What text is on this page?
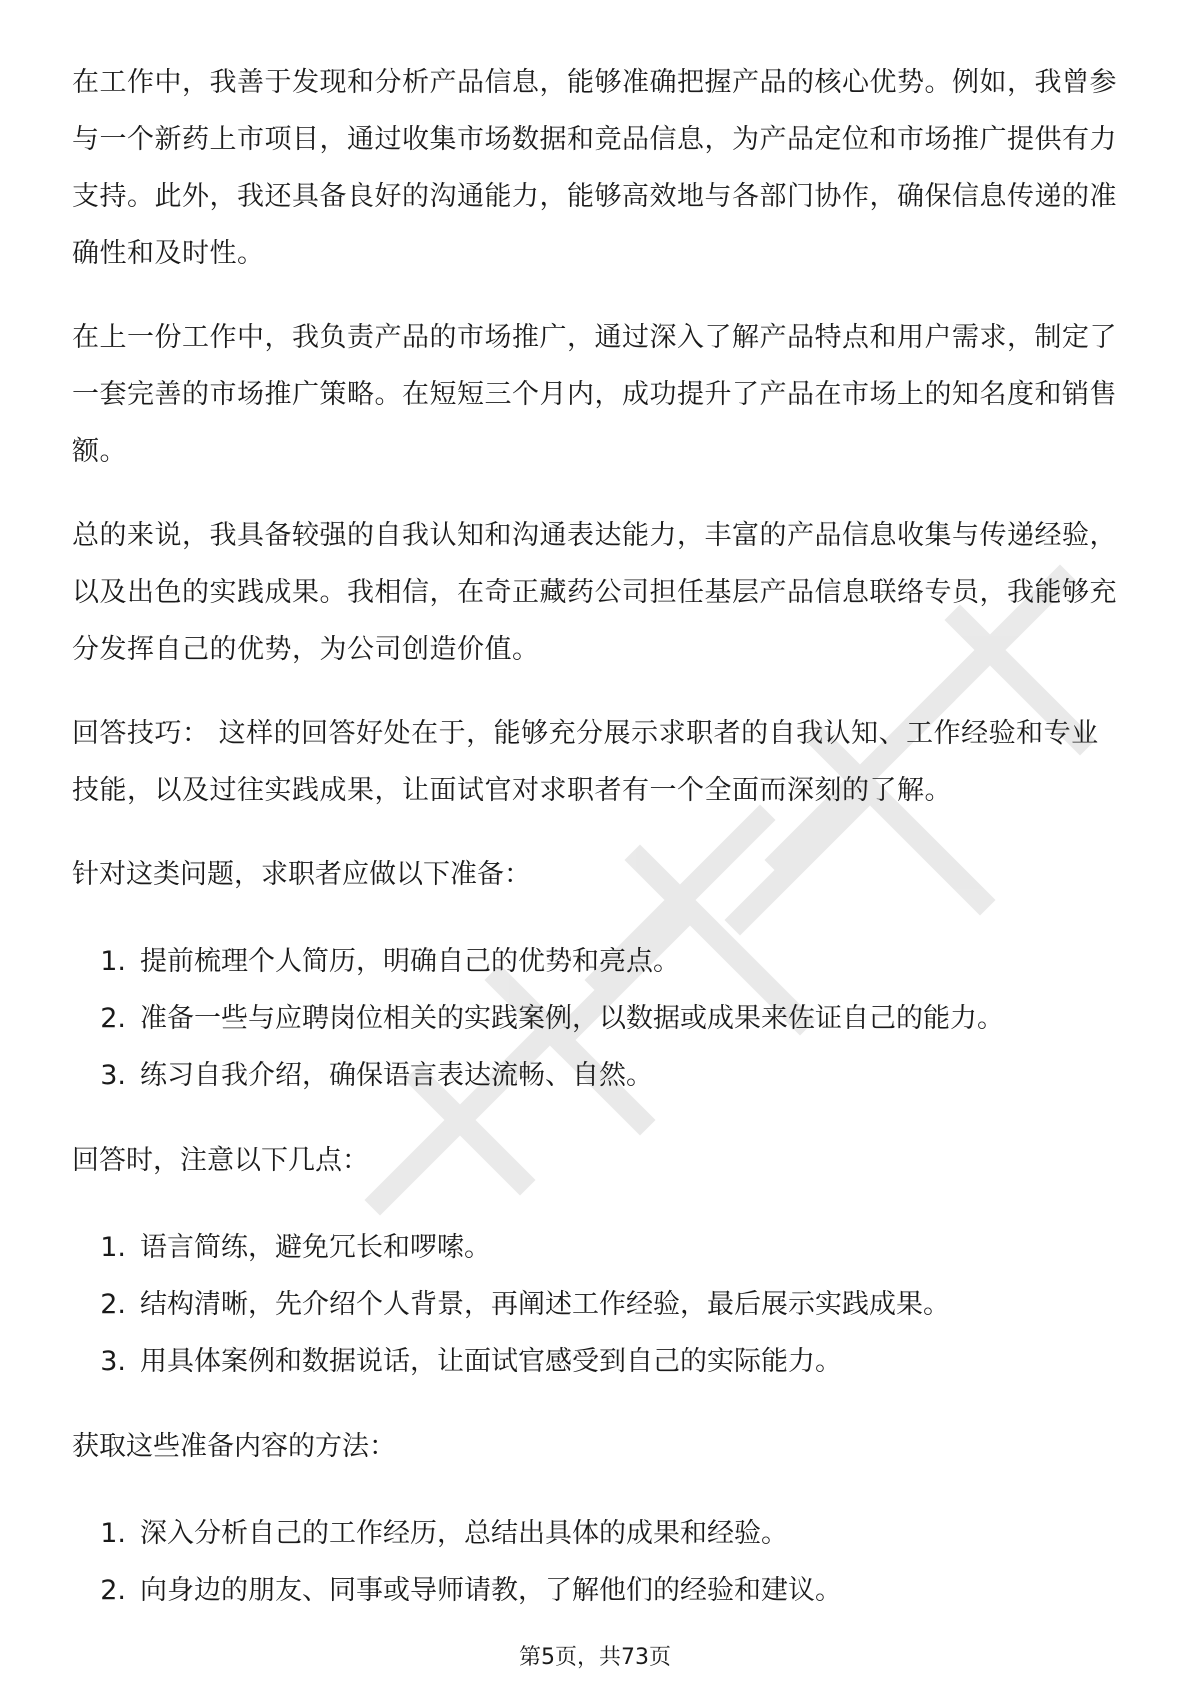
在工作中，我善于发现和分析产品信息，能够准确把握产品的核心优势。例如，我曾参与一个新药上市项目，通过收集市场数据和竞品信息，为产品定位和市场推广提供有力支持。此外，我还具备良好的沟通能力，能够高效地与各部门协作，确保信息传递的准确性和及时性。

在上一份工作中，我负责产品的市场推广，通过深入了解产品特点和用户需求，制定了一套完善的市场推广策略。在短短三个月内，成功提升了产品在市场上的知名度和销售额。

总的来说，我具备较强的自我认知和沟通表达能力，丰富的产品信息收集与传递经验，以及出色的实践成果。我相信，在奇正藏药公司担任基层产品信息联络专员，我能够充分发挥自己的优势，为公司创造价值。

回答技巧： 这样的回答好处在于，能够充分展示求职者的自我认知、工作经验和专业技能，以及过往实践成果，让面试官对求职者有一个全面而深刻的了解。

针对这类问题，求职者应做以下准备：

1. 提前梳理个人简历，明确自己的优势和亮点。
2. 准备一些与应聘岗位相关的实践案例，以数据或成果来佐证自己的能力。
3. 练习自我介绍，确保语言表达流畅、自然。

回答时，注意以下几点：

1. 语言简练，避免冗长和啰嗦。
2. 结构清晰，先介绍个人背景，再阐述工作经验，最后展示实践成果。
3. 用具体案例和数据说话，让面试官感受到自己的实际能力。

获取这些准备内容的方法：

1. 深入分析自己的工作经历，总结出具体的成果和经验。
2. 向身边的朋友、同事或导师请教，了解他们的经验和建议。
第5页，共73页
